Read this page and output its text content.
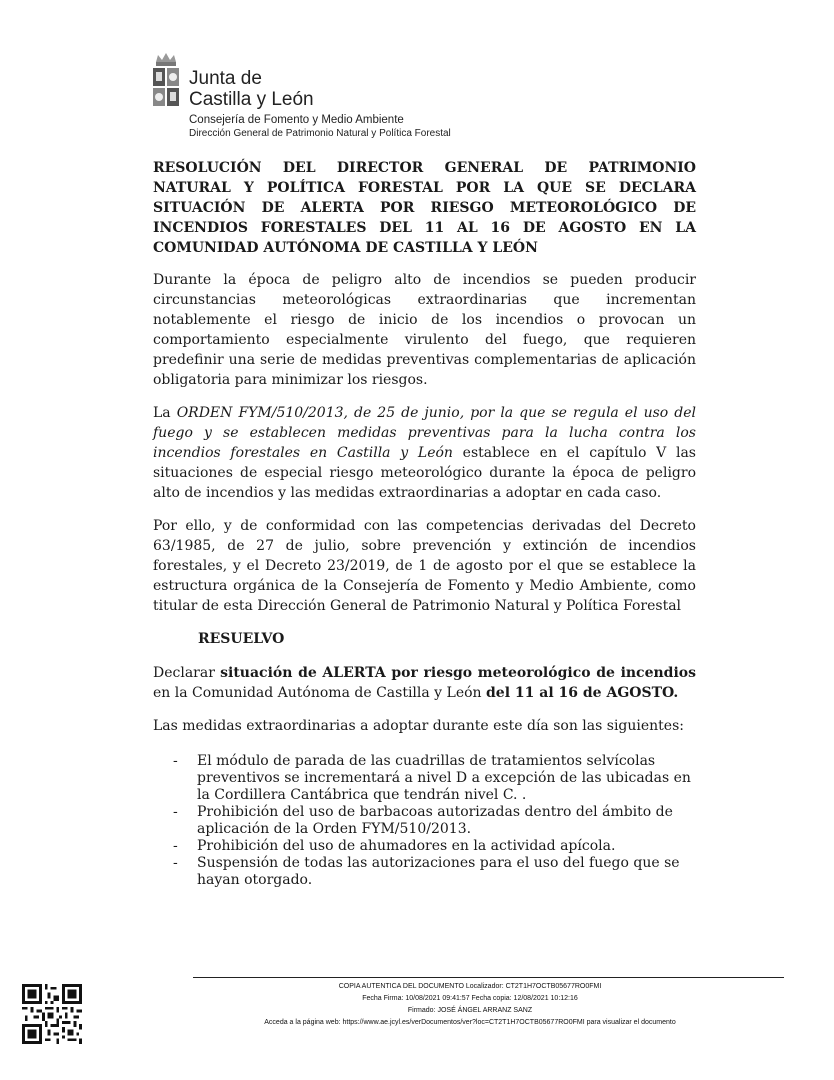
Junta de
Castilla y León
Consejería de Fomento y Medio Ambiente
Dirección General de Patrimonio Natural y Política Forestal

RESOLUCIÓN DEL DIRECTOR GENERAL DE PATRIMONIO NATURAL Y POLÍTICA FORESTAL POR LA QUE SE DECLARA SITUACIÓN DE ALERTA POR RIESGO METEOROLÓGICO DE INCENDIOS FORESTALES DEL 11 AL 16 DE AGOSTO EN LA COMUNIDAD AUTÓNOMA DE CASTILLA Y LEÓN

Durante la época de peligro alto de incendios se pueden producir circunstancias meteorológicas extraordinarias que incrementan notablemente el riesgo de inicio de los incendios o provocan un comportamiento especialmente virulento del fuego, que requieren predefinir una serie de medidas preventivas complementarias de aplicación obligatoria para minimizar los riesgos.

La ORDEN FYM/510/2013, de 25 de junio, por la que se regula el uso del fuego y se establecen medidas preventivas para la lucha contra los incendios forestales en Castilla y León establece en el capítulo V las situaciones de especial riesgo meteorológico durante la época de peligro alto de incendios y las medidas extraordinarias a adoptar en cada caso.

Por ello, y de conformidad con las competencias derivadas del Decreto 63/1985, de 27 de julio, sobre prevención y extinción de incendios forestales, y el Decreto 23/2019, de 1 de agosto por el que se establece la estructura orgánica de la Consejería de Fomento y Medio Ambiente, como titular de esta Dirección General de Patrimonio Natural y Política Forestal

RESUELVO

Declarar situación de ALERTA por riesgo meteorológico de incendios en la Comunidad Autónoma de Castilla y León del 11 al 16 de AGOSTO.

Las medidas extraordinarias a adoptar durante este día son las siguientes:

- El módulo de parada de las cuadrillas de tratamientos selvícolas preventivos se incrementará a nivel D a excepción de las ubicadas en la Cordillera Cantábrica que tendrán nivel C. .
- Prohibición del uso de barbacoas autorizadas dentro del ámbito de aplicación de la Orden FYM/510/2013.
- Prohibición del uso de ahumadores en la actividad apícola.
- Suspensión de todas las autorizaciones para el uso del fuego que se hayan otorgado.
COPIA AUTENTICA DEL DOCUMENTO Localizador: CT2T1H7OCTB05677RO0FMI
Fecha Firma: 10/08/2021 09:41:57 Fecha copia: 12/08/2021 10:12:16
Firmado: JOSÉ ÁNGEL ARRANZ SANZ
Acceda a la página web: https://www.ae.jcyl.es/verDocumentos/ver?loc=CT2T1H7OCTB05677RO0FMI para visualizar el documento
